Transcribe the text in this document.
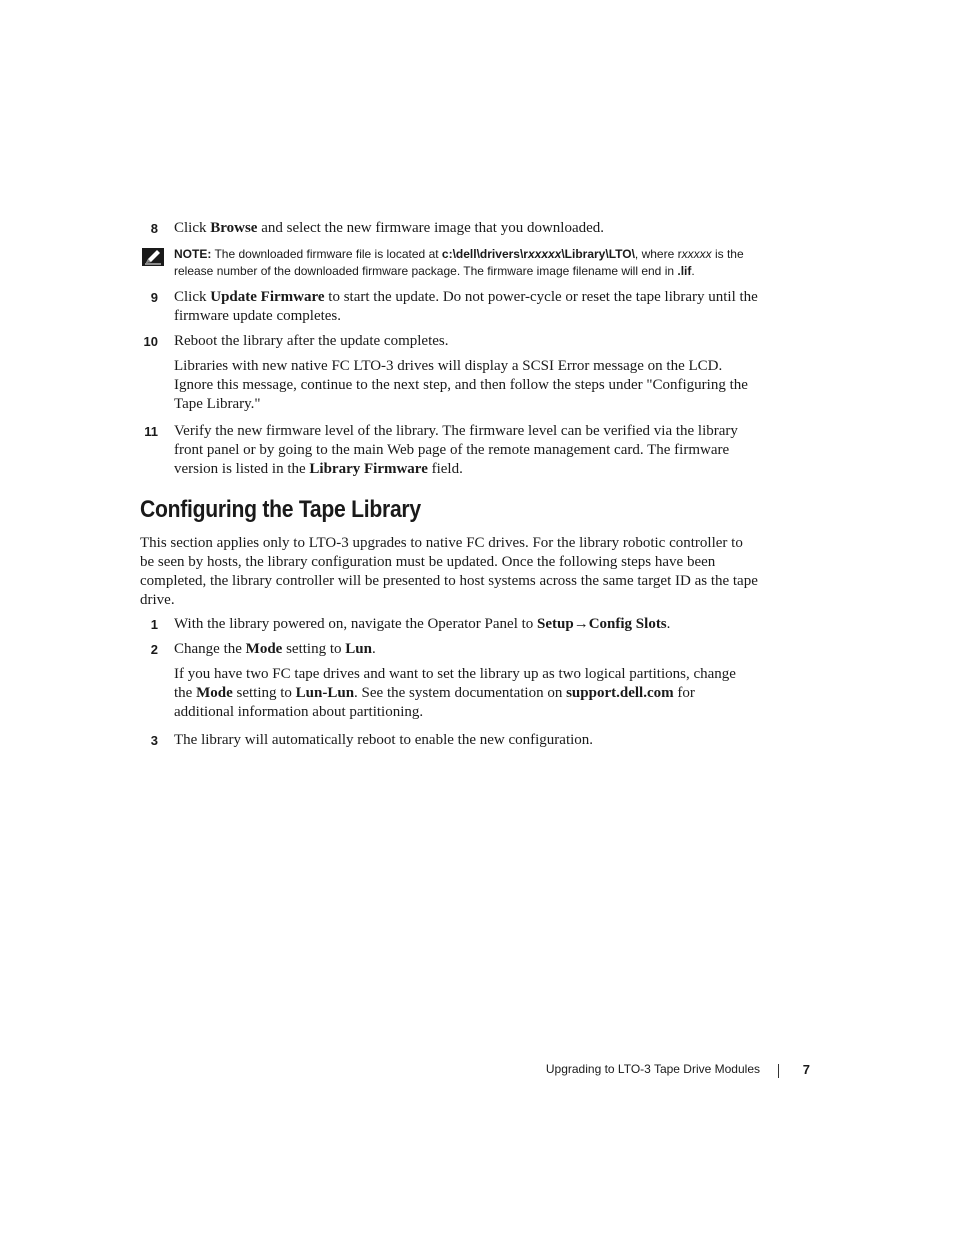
8 Click Browse and select the new firmware image that you downloaded.
NOTE: The downloaded firmware file is located at c:\dell\drivers\rxxxxx\Library\LTO\, where rxxxxx is the release number of the downloaded firmware package. The firmware image filename will end in .lif.
9 Click Update Firmware to start the update. Do not power-cycle or reset the tape library until the firmware update completes.
10 Reboot the library after the update completes.
Libraries with new native FC LTO-3 drives will display a SCSI Error message on the LCD. Ignore this message, continue to the next step, and then follow the steps under "Configuring the Tape Library."
11 Verify the new firmware level of the library. The firmware level can be verified via the library front panel or by going to the main Web page of the remote management card. The firmware version is listed in the Library Firmware field.
Configuring the Tape Library
This section applies only to LTO-3 upgrades to native FC drives. For the library robotic controller to be seen by hosts, the library configuration must be updated. Once the following steps have been completed, the library controller will be presented to host systems across the same target ID as the tape drive.
1 With the library powered on, navigate the Operator Panel to Setup→Config Slots.
2 Change the Mode setting to Lun.
If you have two FC tape drives and want to set the library up as two logical partitions, change the Mode setting to Lun-Lun. See the system documentation on support.dell.com for additional information about partitioning.
3 The library will automatically reboot to enable the new configuration.
Upgrading to LTO-3 Tape Drive Modules	7
